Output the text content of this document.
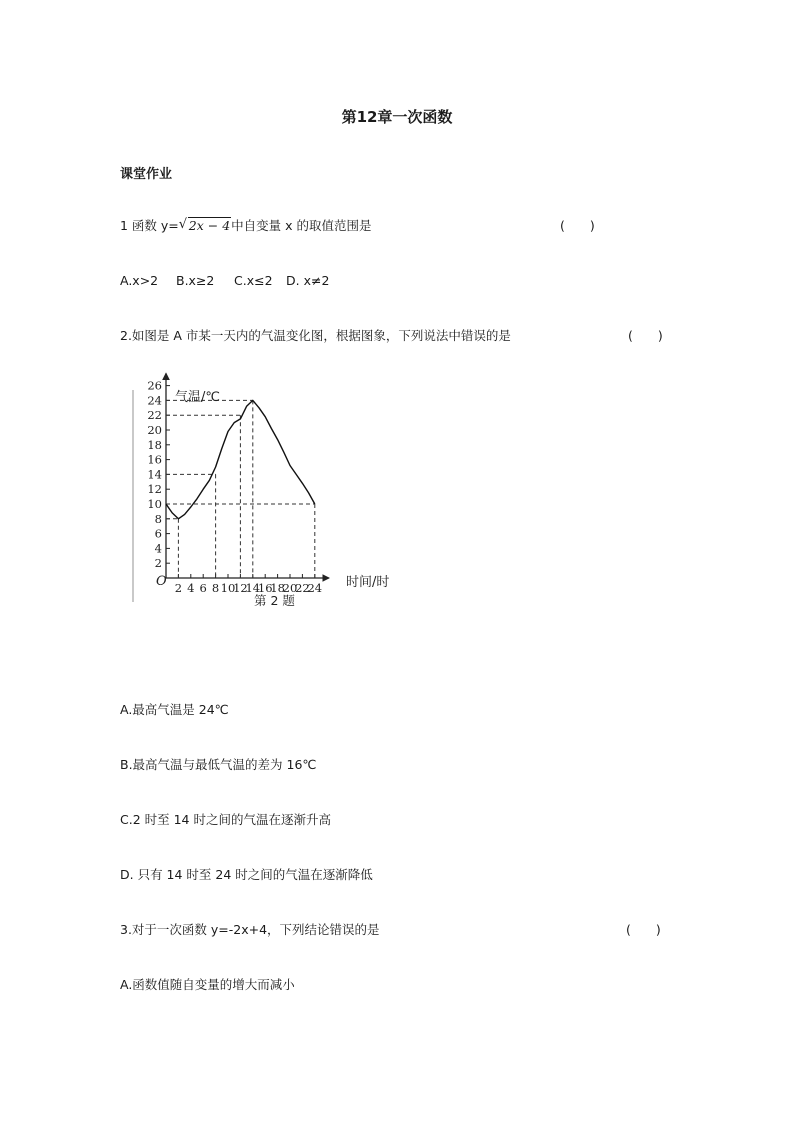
第12章一次函数
课堂作业
1 函数 y= √ 2x − 4中自变量 x 的取值范围是	(　　)
A.x>2 B.x≥2 C.x≤2 D. x≠2
2.如图是 A 市某一天内的气温变化图，根据图象，下列说法中错误的是	(　　)
2
4
6
8
10
12
14
16
18
20
22
24
26
2 4 6 8 10
12
14
16
18
20
22
24
气温/℃
时间/时
第 2 题
O
A.最高气温是 24℃
B.最高气温与最低气温的差为 16℃
C.2 时至 14 时之间的气温在逐渐升高
D. 只有 14 时至 24 时之间的气温在逐渐降低
3.对于一次函数 y=-2x+4，下列结论错误的是	(　　)
A.函数值随自变量的增大而减小
